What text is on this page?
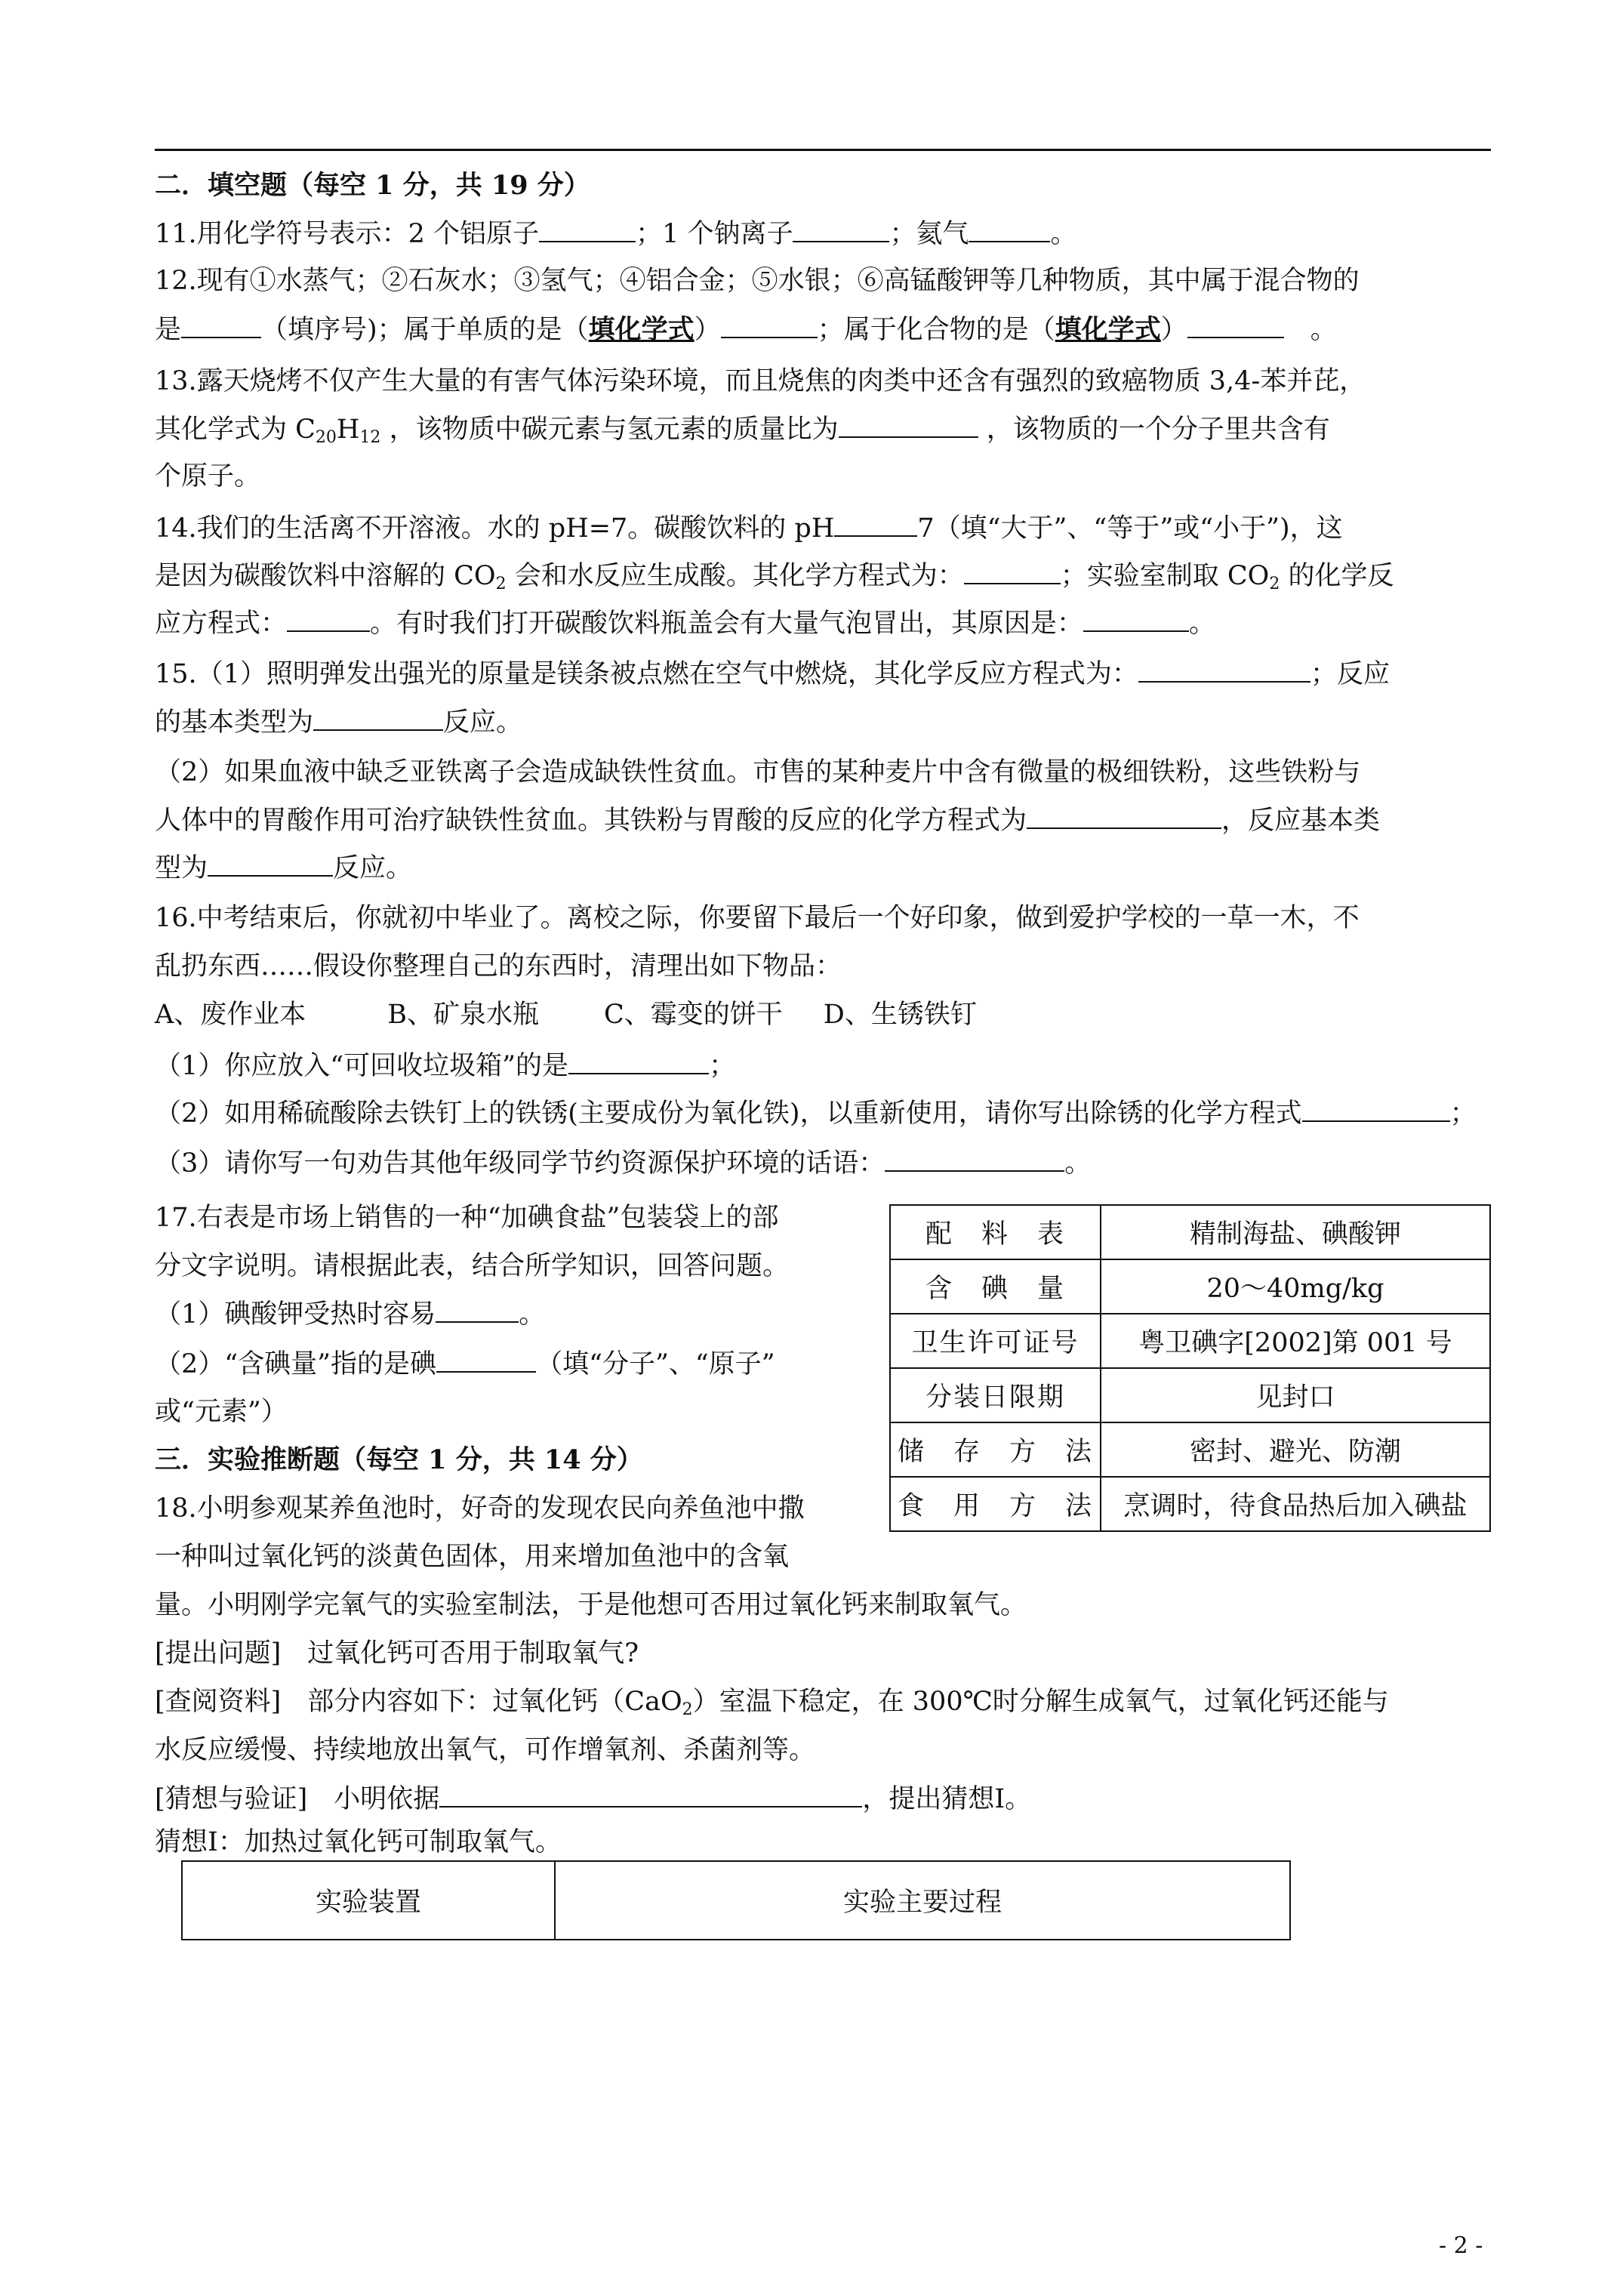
二．填空题（每空 1 分，共 19 分）
11.用化学符号表示：2 个铝原子	；1 个钠离子	；氦气	。
12.现有①水蒸气；②石灰水；③氢气；④铝合金；⑤水银；⑥高锰酸钾等几种物质，其中属于混合物的
是	（填序号)；属于单质的是（填化学式）	；属于化合物的是（填化学式）　	。
13.露天烧烤不仅产生大量的有害气体污染环境，而且烧焦的肉类中还含有强烈的致癌物质 3,4-苯并芘，
其化学式为 $C_{20}H_{12}$ ，该物质中碳元素与氢元素的质量比为	，该物质的一个分子里共含有
个原子。
14.我们的生活离不开溶液。水的 pH=7。碳酸饮料的 pH	7（填“大于”、“等于”或“小于”)，这
是因为碳酸饮料中溶解的 $CO_2$ 会和水反应生成酸。其化学方程式为：	；实验室制取 $CO_2$ 的化学反
应方程式：	。有时我们打开碳酸饮料瓶盖会有大量气泡冒出，其原因是：	。
15.（1）照明弹发出强光的原量是镁条被点燃在空气中燃烧，其化学反应方程式为：	；反应
的基本类型为	反应。
（2）如果血液中缺乏亚铁离子会造成缺铁性贫血。市售的某种麦片中含有微量的极细铁粉，这些铁粉与
人体中的胃酸作用可治疗缺铁性贫血。其铁粉与胃酸的反应的化学方程式为	，反应基本类
型为	反应。
16.中考结束后，你就初中毕业了。离校之际，你要留下最后一个好印象，做到爱护学校的一草一木，不
乱扔东西……假设你整理自己的东西时，清理出如下物品：
A、废作业本	B、矿泉水瓶 C、霉变的饼干 D、生锈铁钉
（1）你应放入“可回收垃圾箱”的是	；
（2）如用稀硫酸除去铁钉上的铁锈(主要成份为氧化铁)，以重新使用，请你写出除锈的化学方程式	；
（3）请你写一句劝告其他年级同学节约资源保护环境的话语：	。
17.右表是市场上销售的一种“加碘食盐”包装袋上的部
分文字说明。请根据此表，结合所学知识，回答问题。
（1）碘酸钾受热时容易	。
（2）“含碘量”指的是碘	（填“分子”、“原子”
或“元素”）
配　料　表	精制海盐、碘酸钾
含　碘　量	20～40mg/kg
卫生许可证号	粤卫碘字[2002]第 001 号
分装日限期	见封口
储　存　方　法	密封、避光、防潮
食　用　方　法	烹调时，待食品热后加入碘盐
三．实验推断题（每空 1 分，共 14 分）
18.小明参观某养鱼池时，好奇的发现农民向养鱼池中撒
一种叫过氧化钙的淡黄色固体，用来增加鱼池中的含氧
量。小明刚学完氧气的实验室制法，于是他想可否用过氧化钙来制取氧气。
[提出问题]　过氧化钙可否用于制取氧气?
[查阅资料]　部分内容如下：过氧化钙（CaO$_2$）室温下稳定，在 300℃时分解生成氧气，过氧化钙还能与
水反应缓慢、持续地放出氧气，可作增氧剂、杀菌剂等。
[猜想与验证]　小明依据	，提出猜想Ⅰ。
猜想Ⅰ：加热过氧化钙可制取氧气。
实验装置	实验主要过程
- 2 -
